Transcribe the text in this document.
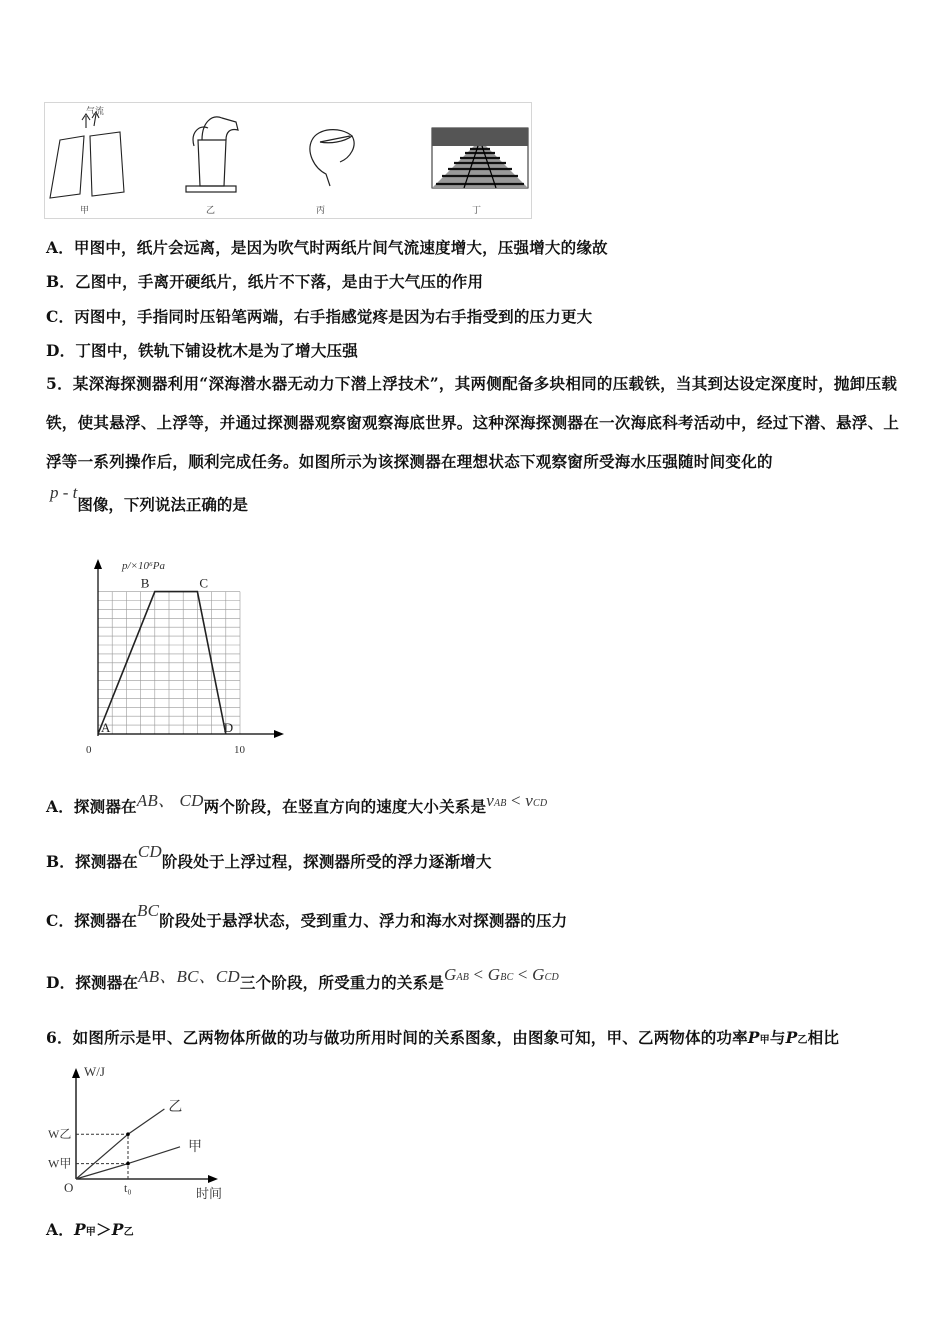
气流
甲	乙	丙	丁
A．甲图中，纸片会远离，是因为吹气时两纸片间气流速度增大，压强增大的缘故
B．乙图中，手离开硬纸片，纸片不下落，是由于大气压的作用
C．丙图中，手指同时压铅笔两端，右手指感觉疼是因为右手指受到的压力更大
D．丁图中，铁轨下铺设枕木是为了增大压强
5．某深海探测器利用“深海潜水器无动力下潜上浮技术”，其两侧配备多块相同的压载铁，当其到达设定深度时，抛卸压载铁，使其悬浮、上浮等，并通过探测器观察窗观察海底世界。这种深海探测器在一次海底科考活动中，经过下潜、悬浮、上浮等一系列操作后，顺利完成任务。如图所示为该探测器在理想状态下观察窗所受海水压强随时间变化的
p - t图像，下列说法正确的是
p/×10⁶Pa
0	10
A
B	C
D
A．探测器在AB、 CD两个阶段，在竖直方向的速度大小关系是vAB < vCD
B．探测器在CD阶段处于上浮过程，探测器所受的浮力逐渐增大
C．探测器在BC阶段处于悬浮状态，受到重力、浮力和海水对探测器的压力
D．探测器在AB、BC、CD三个阶段，所受重力的关系是GAB < GBC < GCD
6．如图所示是甲、乙两物体所做的功与做功所用时间的关系图象，由图象可知，甲、乙两物体的功率P甲与P乙相比
W/J
时间
O
W乙
W甲
t₀
乙
甲
A．P甲＞P乙
